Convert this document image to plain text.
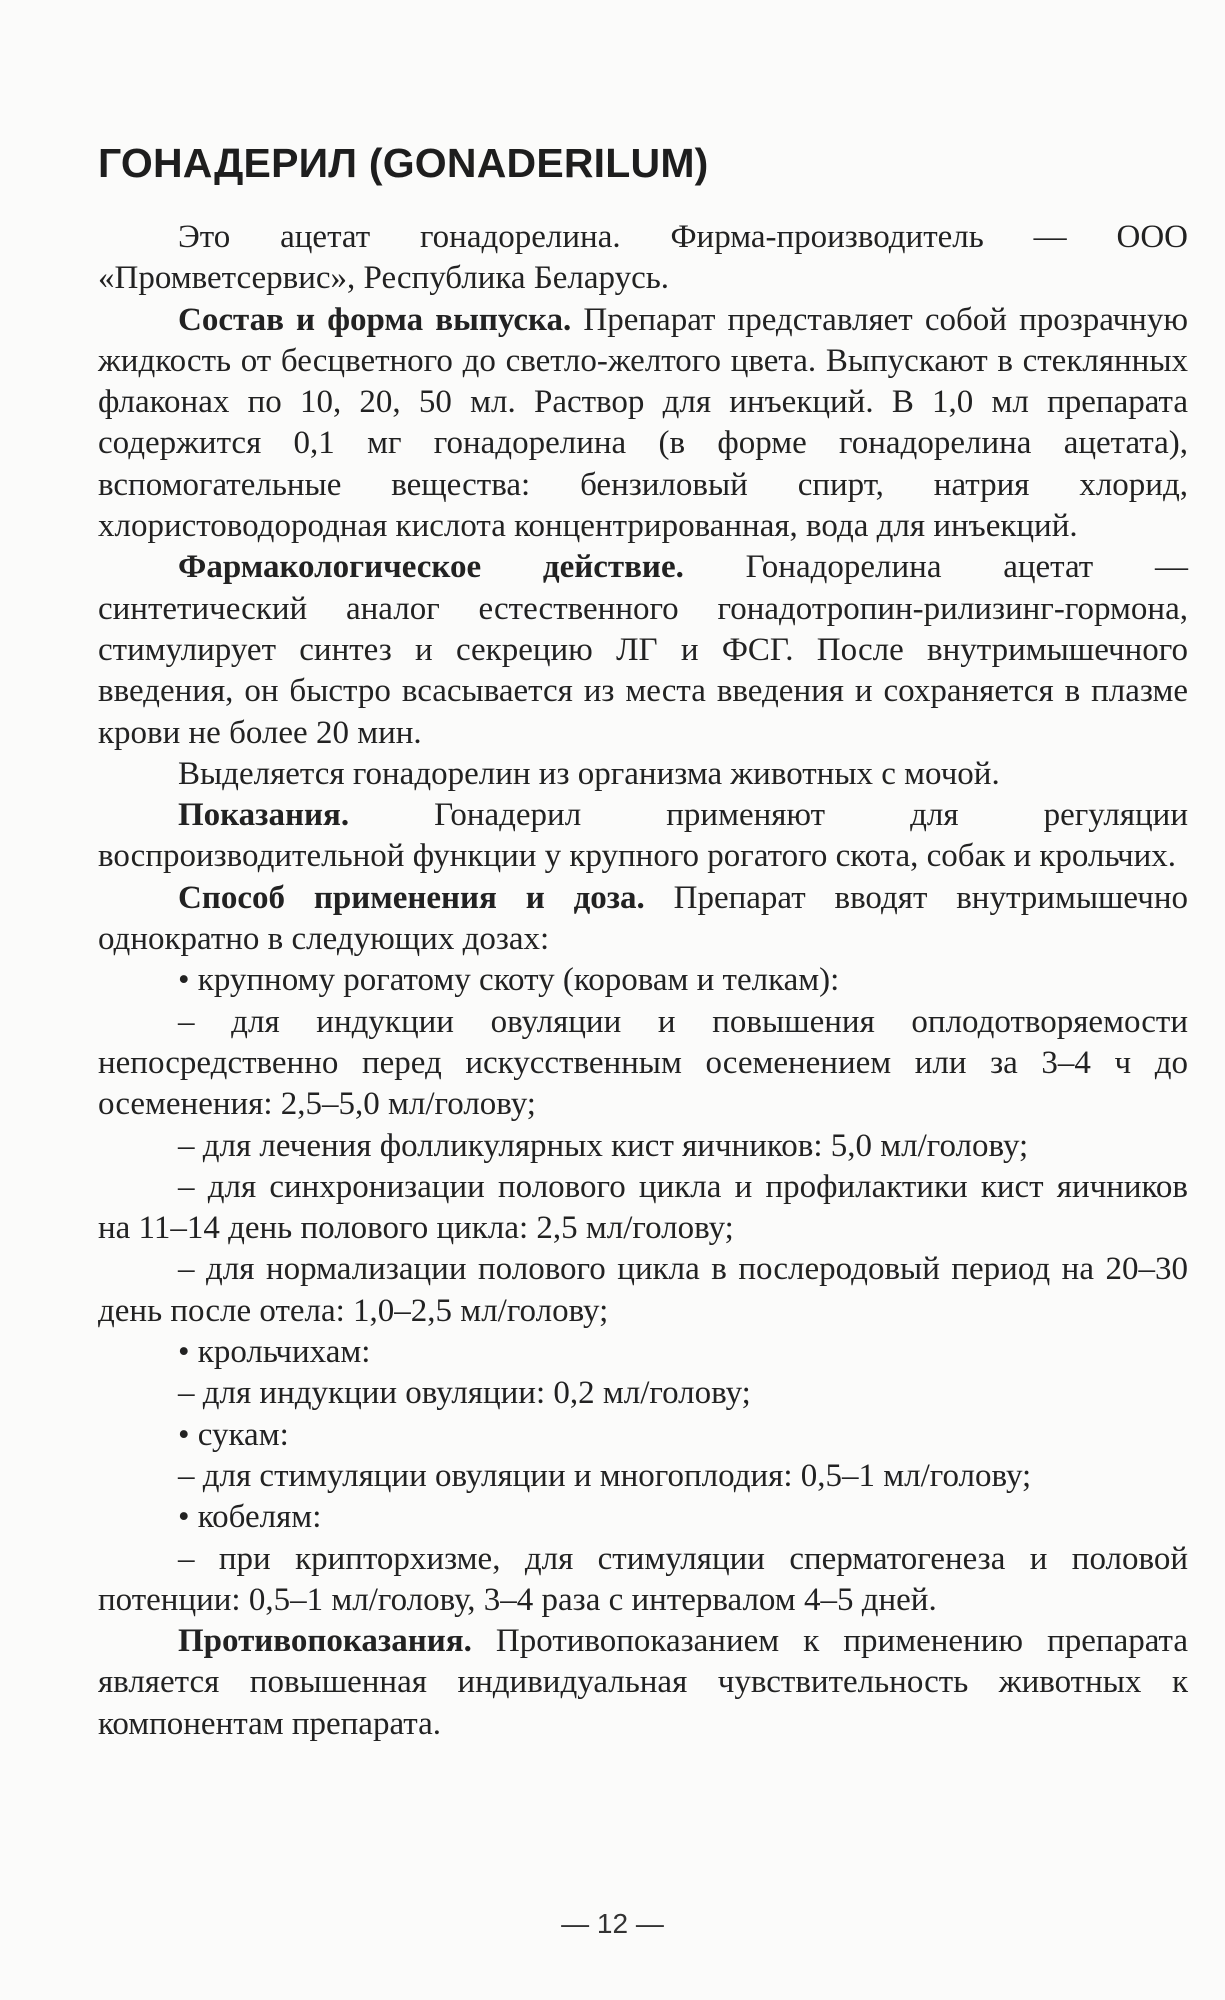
ГОНАДЕРИЛ (GONADERILUM)

Это ацетат гонадорелина. Фирма-производитель — ООО «Промветсервис», Республика Беларусь.

Состав и форма выпуска. Препарат представляет собой прозрачную жидкость от бесцветного до светло-желтого цвета. Выпускают в стеклянных флаконах по 10, 20, 50 мл. Раствор для инъекций. В 1,0 мл препарата содержится 0,1 мг гонадорелина (в форме гонадорелина ацетата), вспомогательные вещества: бензиловый спирт, натрия хлорид, хлористоводородная кислота концентрированная, вода для инъекций.

Фармакологическое действие. Гонадорелина ацетат — синтетический аналог естественного гонадотропин-рилизинг-гормона, стимулирует синтез и секрецию ЛГ и ФСГ. После внутримышечного введения, он быстро всасывается из места введения и сохраняется в плазме крови не более 20 мин.

Выделяется гонадорелин из организма животных с мочой.

Показания. Гонадерил применяют для регуляции воспроизводительной функции у крупного рогатого скота, собак и крольчих.

Способ применения и доза. Препарат вводят внутримышечно однократно в следующих дозах:

• крупному рогатому скоту (коровам и телкам):

– для индукции овуляции и повышения оплодотворяемости непосредственно перед искусственным осеменением или за 3–4 ч до осеменения: 2,5–5,0 мл/голову;

– для лечения фолликулярных кист яичников: 5,0 мл/голову;

– для синхронизации полового цикла и профилактики кист яичников на 11–14 день полового цикла: 2,5 мл/голову;

– для нормализации полового цикла в послеродовый период на 20–30 день после отела: 1,0–2,5 мл/голову;

• крольчихам:

– для индукции овуляции: 0,2 мл/голову;

• сукам:

– для стимуляции овуляции и многоплодия: 0,5–1 мл/голову;

• кобелям:

– при крипторхизме, для стимуляции сперматогенеза и половой потенции: 0,5–1 мл/голову, 3–4 раза с интервалом 4–5 дней.

Противопоказания. Противопоказанием к применению препарата является повышенная индивидуальная чувствительность животных к компонентам препарата.

— 12 —
